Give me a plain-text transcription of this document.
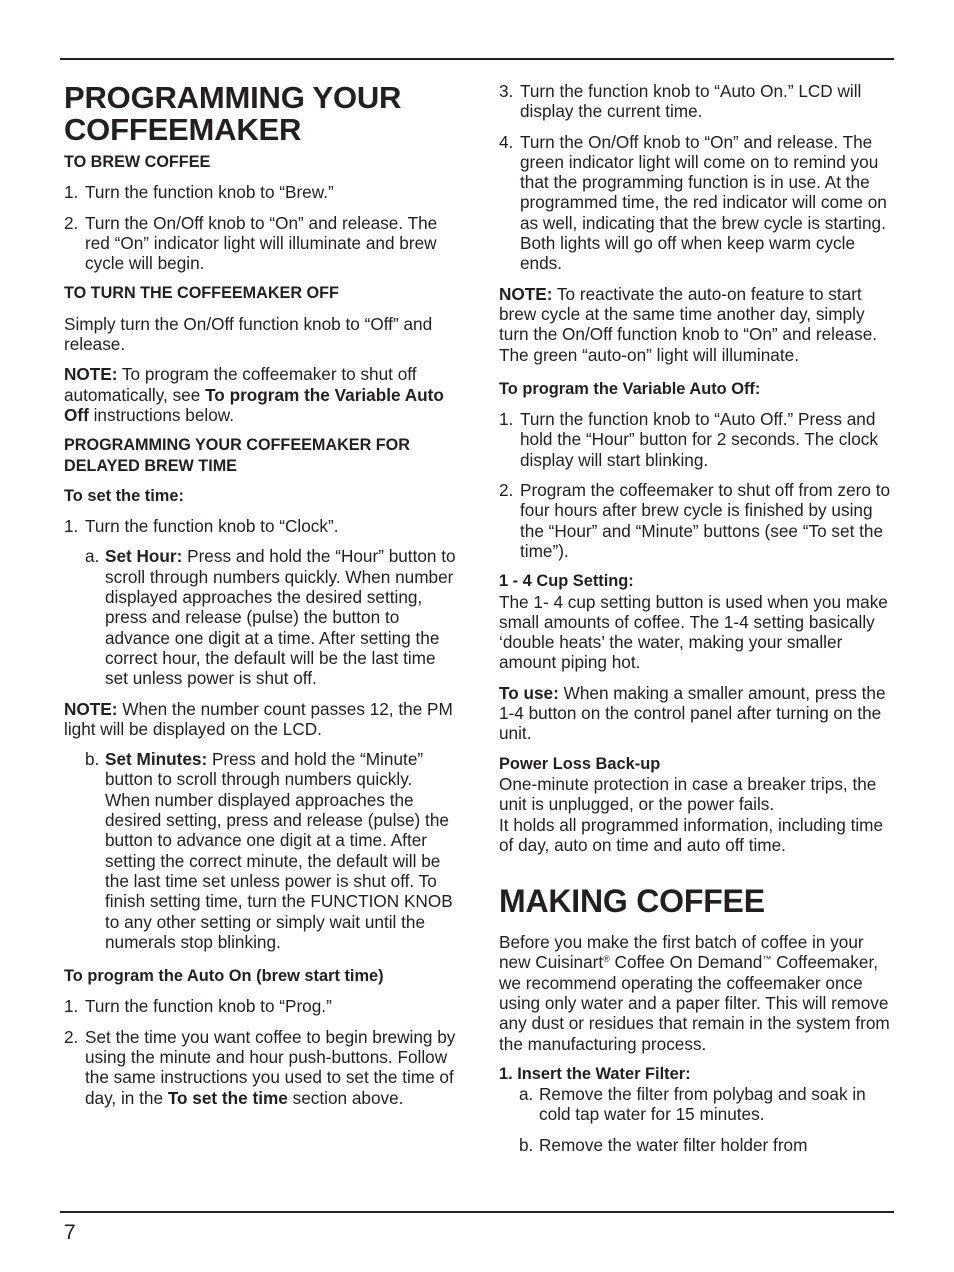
PROGRAMMING YOUR
COFFEEMAKER

TO BREW COFFEE

1. Turn the function knob to “Brew.”
2. Turn the On/Off knob to “On” and release. The red “On” indicator light will illuminate and brew cycle will begin.

TO TURN THE COFFEEMAKER OFF

Simply turn the On/Off function knob to “Off” and release.

NOTE: To program the coffeemaker to shut off automatically, see To program the Variable Auto Off instructions below.

PROGRAMMING YOUR COFFEEMAKER FOR DELAYED BREW TIME

To set the time:

1. Turn the function knob to “Clock”.
a. Set Hour: Press and hold the “Hour” button to scroll through numbers quickly. When number displayed approaches the desired setting, press and release (pulse) the button to advance one digit at a time. After setting the correct hour, the default will be the last time set unless power is shut off.

NOTE: When the number count passes 12, the PM light will be displayed on the LCD.

b. Set Minutes: Press and hold the “Minute” button to scroll through numbers quickly. When number displayed approaches the desired setting, press and release (pulse) the button to advance one digit at a time. After setting the correct minute, the default will be the last time set unless power is shut off. To finish setting time, turn the FUNCTION KNOB to any other setting or simply wait until the numerals stop blinking.

To program the Auto On (brew start time)

1. Turn the function knob to “Prog.”
2. Set the time you want coffee to begin brewing by using the minute and hour push-buttons. Follow the same instructions you used to set the time of day, in the To set the time section above.
3. Turn the function knob to “Auto On.” LCD will display the current time.
4. Turn the On/Off knob to “On” and release. The green indicator light will come on to remind you that the programming function is in use. At the programmed time, the red indicator will come on as well, indicating that the brew cycle is starting. Both lights will go off when keep warm cycle ends.

NOTE: To reactivate the auto-on feature to start brew cycle at the same time another day, simply turn the On/Off function knob to “On” and release. The green “auto-on” light will illuminate.

To program the Variable Auto Off:

1. Turn the function knob to “Auto Off.” Press and hold the “Hour” button for 2 seconds. The clock display will start blinking.
2. Program the coffeemaker to shut off from zero to four hours after brew cycle is finished by using the “Hour” and “Minute” buttons (see “To set the time”).

1 - 4 Cup Setting:

The 1- 4 cup setting button is used when you make small amounts of coffee. The 1-4 setting basically ‘double heats’ the water, making your smaller amount piping hot.

To use: When making a smaller amount, press the 1-4 button on the control panel after turning on the unit.

Power Loss Back-up

One-minute protection in case a breaker trips, the unit is unplugged, or the power fails.

It holds all programmed information, including time of day, auto on time and auto off time.

MAKING COFFEE

Before you make the first batch of coffee in your new Cuisinart® Coffee On Demand™ Coffeemaker, we recommend operating the coffeemaker once using only water and a paper filter. This will remove any dust or residues that remain in the system from the manufacturing process.

1. Insert the Water Filter:

a. Remove the filter from polybag and soak in cold tap water for 15 minutes.
b. Remove the water filter holder from
7
